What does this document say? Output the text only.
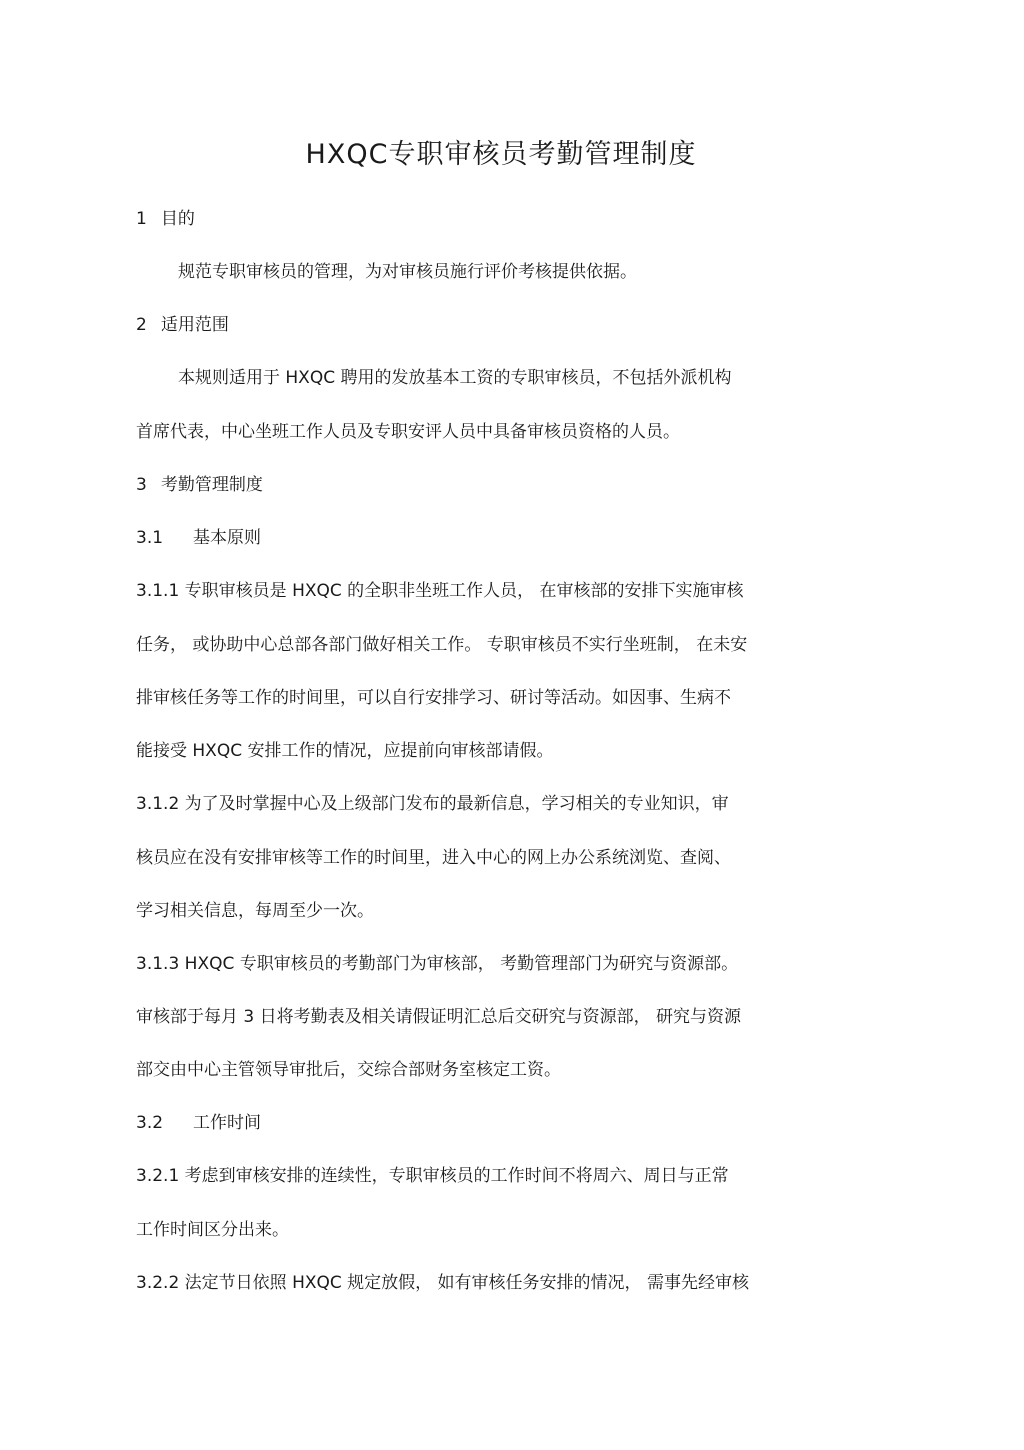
HXQC专职审核员考勤管理制度
1 目的
规范专职审核员的管理，为对审核员施行评价考核提供依据。
2 适用范围
本规则适用于 HXQC 聘用的发放基本工资的专职审核员，不包括外派机构
首席代表，中心坐班工作人员及专职安评人员中具备审核员资格的人员。
3 考勤管理制度
3.1 基本原则
3.1.1 专职审核员是 HXQC 的全职非坐班工作人员， 在审核部的安排下实施审核
任务， 或协助中心总部各部门做好相关工作。 专职审核员不实行坐班制， 在未安
排审核任务等工作的时间里，可以自行安排学习、研讨等活动。如因事、生病不
能接受 HXQC 安排工作的情况，应提前向审核部请假。
3.1.2 为了及时掌握中心及上级部门发布的最新信息，学习相关的专业知识，审
核员应在没有安排审核等工作的时间里，进入中心的网上办公系统浏览、查阅、
学习相关信息，每周至少一次。
3.1.3 HXQC 专职审核员的考勤部门为审核部， 考勤管理部门为研究与资源部。
审核部于每月 3 日将考勤表及相关请假证明汇总后交研究与资源部， 研究与资源
部交由中心主管领导审批后，交综合部财务室核定工资。
3.2 工作时间
3.2.1 考虑到审核安排的连续性，专职审核员的工作时间不将周六、周日与正常
工作时间区分出来。
3.2.2 法定节日依照 HXQC 规定放假， 如有审核任务安排的情况， 需事先经审核
